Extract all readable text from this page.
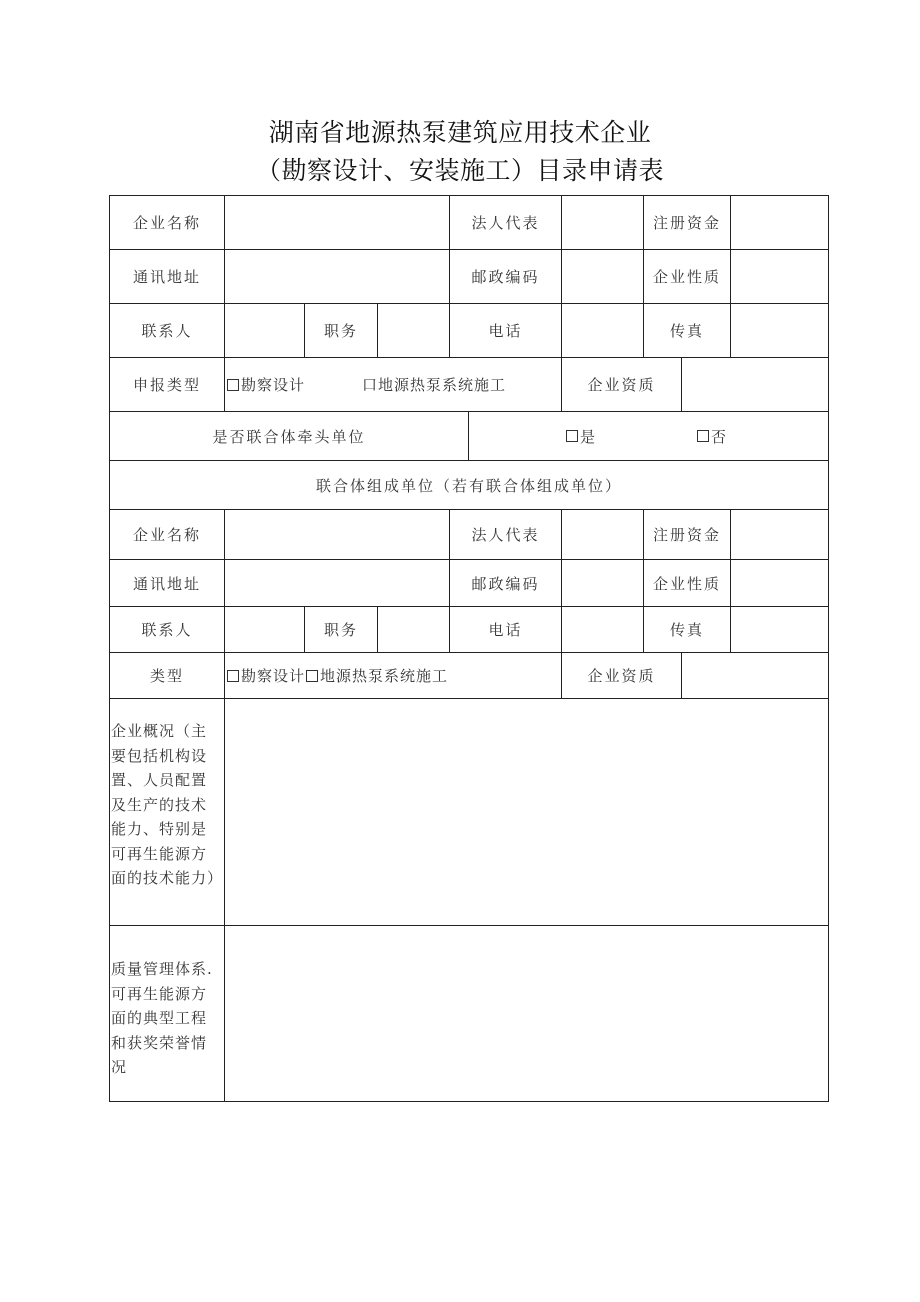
湖南省地源热泵建筑应用技术企业
（勘察设计、安装施工）目录申请表
企业名称	法人代表	注册资金
通讯地址	邮政编码	企业性质
联系人	职务	电话	传真
申报类型	勘察设计	口地源热泵系统施工	企业资质
是否联合体牵头单位	是	否
联合体组成单位（若有联合体组成单位）
企业名称	法人代表	注册资金
通讯地址	邮政编码	企业性质
联系人	职务	电话	传真
类型	勘察设计 地源热泵系统施工	企业资质
企业概况（主要包括机构设置、人员配置及生产的技术能力、特别是可再生能源方面的技术能力）
质量管理体系.可再生能源方面的典型工程和获奖荣誉情况
